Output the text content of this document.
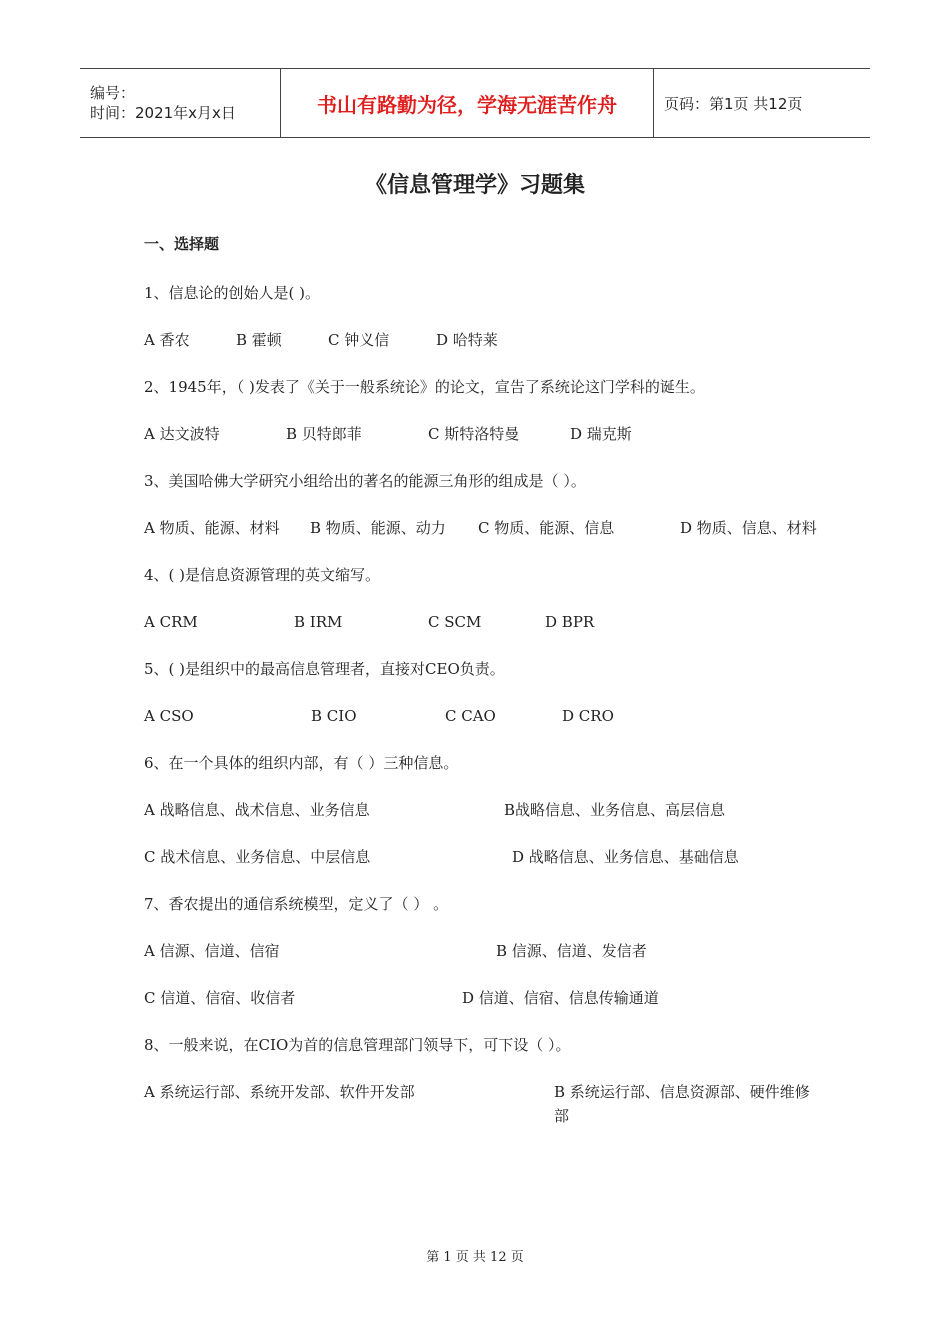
编号：
时间：2021年x月x日	书山有路勤为径，学海无涯苦作舟	页码：第1页 共12页
《信息管理学》习题集
一、选择题
1、信息论的创始人是( )。
A 香农	B 霍顿	C 钟义信	D 哈特莱
2、1945年，（ )发表了《关于一般系统论》的论文，宣告了系统论这门学科的诞生。
A 达文波特	B 贝特郎菲	C 斯特洛特曼	D 瑞克斯
3、美国哈佛大学研究小组给出的著名的能源三角形的组成是（ ）。
A 物质、能源、材料	B 物质、能源、动力	C 物质、能源、信息	D 物质、信息、材料
4、( )是信息资源管理的英文缩写。
A CRM	B IRM	C SCM	D BPR
5、( )是组织中的最高信息管理者，直接对CEO负责。
A CSO	B CIO	C CAO	D CRO
6、在一个具体的组织内部，有（ ）三种信息。
A 战略信息、战术信息、业务信息	B战略信息、业务信息、高层信息
C 战术信息、业务信息、中层信息	D 战略信息、业务信息、基础信息
7、香农提出的通信系统模型，定义了（ ） 。
A 信源、信道、信宿	B 信源、信道、发信者
C 信道、信宿、收信者	D 信道、信宿、信息传输通道
8、一般来说，在CIO为首的信息管理部门领导下，可下设（ ）。
A 系统运行部、系统开发部、软件开发部	B 系统运行部、信息资源部、硬件维修部
第 1 页 共 12 页
